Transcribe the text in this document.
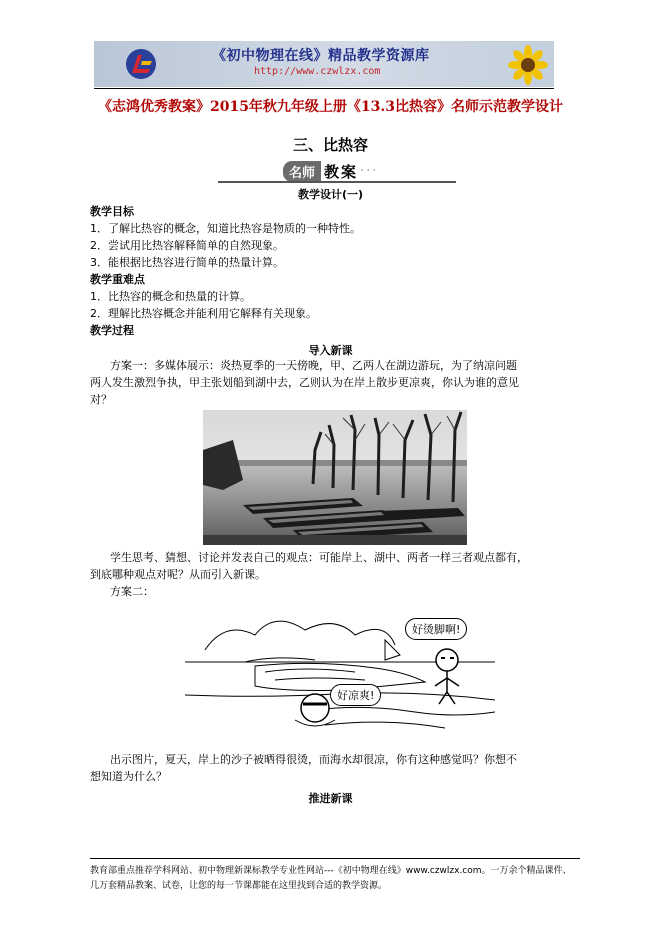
《初中物理在线》精品教学资源库
http://www.czwlzx.com
《志鸿优秀教案》2015年秋九年级上册《13.3比热容》名师示范教学设计
三、比热容
名师 教案 ···
教学设计(一)
教学目标
1．了解比热容的概念，知道比热容是物质的一种特性。
2．尝试用比热容解释简单的自然现象。
3．能根据比热容进行简单的热量计算。
教学重难点
1．比热容的概念和热量的计算。
2．理解比热容概念并能利用它解释有关现象。
教学过程
导入新课
方案一：多媒体展示：炎热夏季的一天傍晚，甲、乙两人在湖边游玩，为了纳凉问题
两人发生激烈争执，甲主张划船到湖中去，乙则认为在岸上散步更凉爽，你认为谁的意见
对？
学生思考、猜想、讨论并发表自己的观点：可能岸上、湖中、两者一样三者观点都有，
到底哪种观点对呢？从而引入新课。
方案二：
好烫脚啊!
好凉爽!
出示图片，夏天，岸上的沙子被晒得很烫，而海水却很凉，你有这种感觉吗？你想不
想知道为什么？
推进新课

教育部重点推荐学科网站、初中物理新课标教学专业性网站---《初中物理在线》www.czwlzx.com。一万余个精品课件、

几万套精品教案、试卷，让您的每一节课都能在这里找到合适的教学资源。
